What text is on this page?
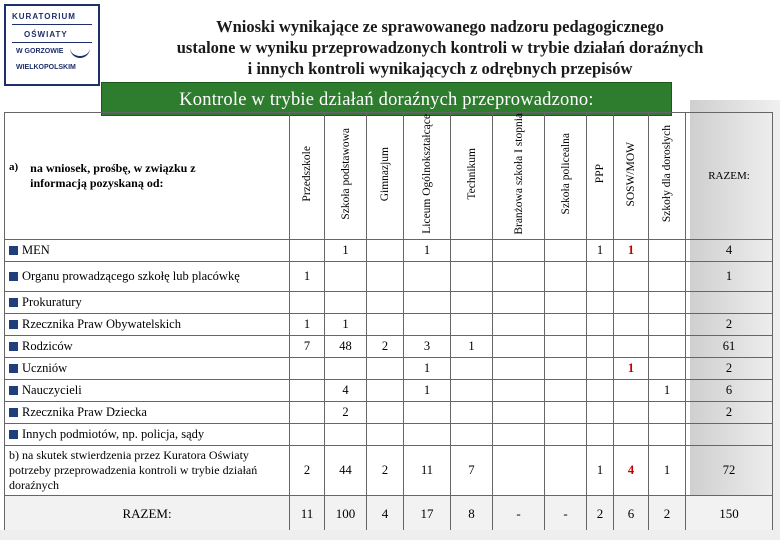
KURATORIUM
OŚWIATY
W GORZOWIE
WIELKOPOLSKIM
Wnioski wynikające ze sprawowanego nadzoru pedagogicznego
ustalone w wyniku przeprowadzonych kontroli w trybie działań doraźnych
i innych kontroli wynikających z odrębnych przepisów
Kontrole w trybie działań doraźnych przeprowadzono:
a) na wniosek, prośbę, w związku z informacją pozyskaną od:	Przedszkole	Szkoła podstawowa	Gimnazjum	Liceum Ogólnokształcące	Technikum	Branżowa szkoła I stopnia	Szkoła policealna	PPP	SOSW/MOW	Szkoły dla dorosłych	RAZEM:
MEN		1		1				1	1		4
Organu prowadzącego szkołę lub placówkę	1										1
Prokuratury											
Rzecznika Praw Obywatelskich	1	1									2
Rodziców	7	48	2	3	1						61
Uczniów				1					1		2
Nauczycieli		4		1						1	6
Rzecznika Praw Dziecka		2									2
Innych podmiotów, np. policja, sądy											
b) na skutek stwierdzenia przez Kuratora Oświaty potrzeby przeprowadzenia kontroli w trybie działań doraźnych	2	44	2	11	7			1	4	1	72
RAZEM:	11	100	4	17	8	-	-	2	6	2	150
